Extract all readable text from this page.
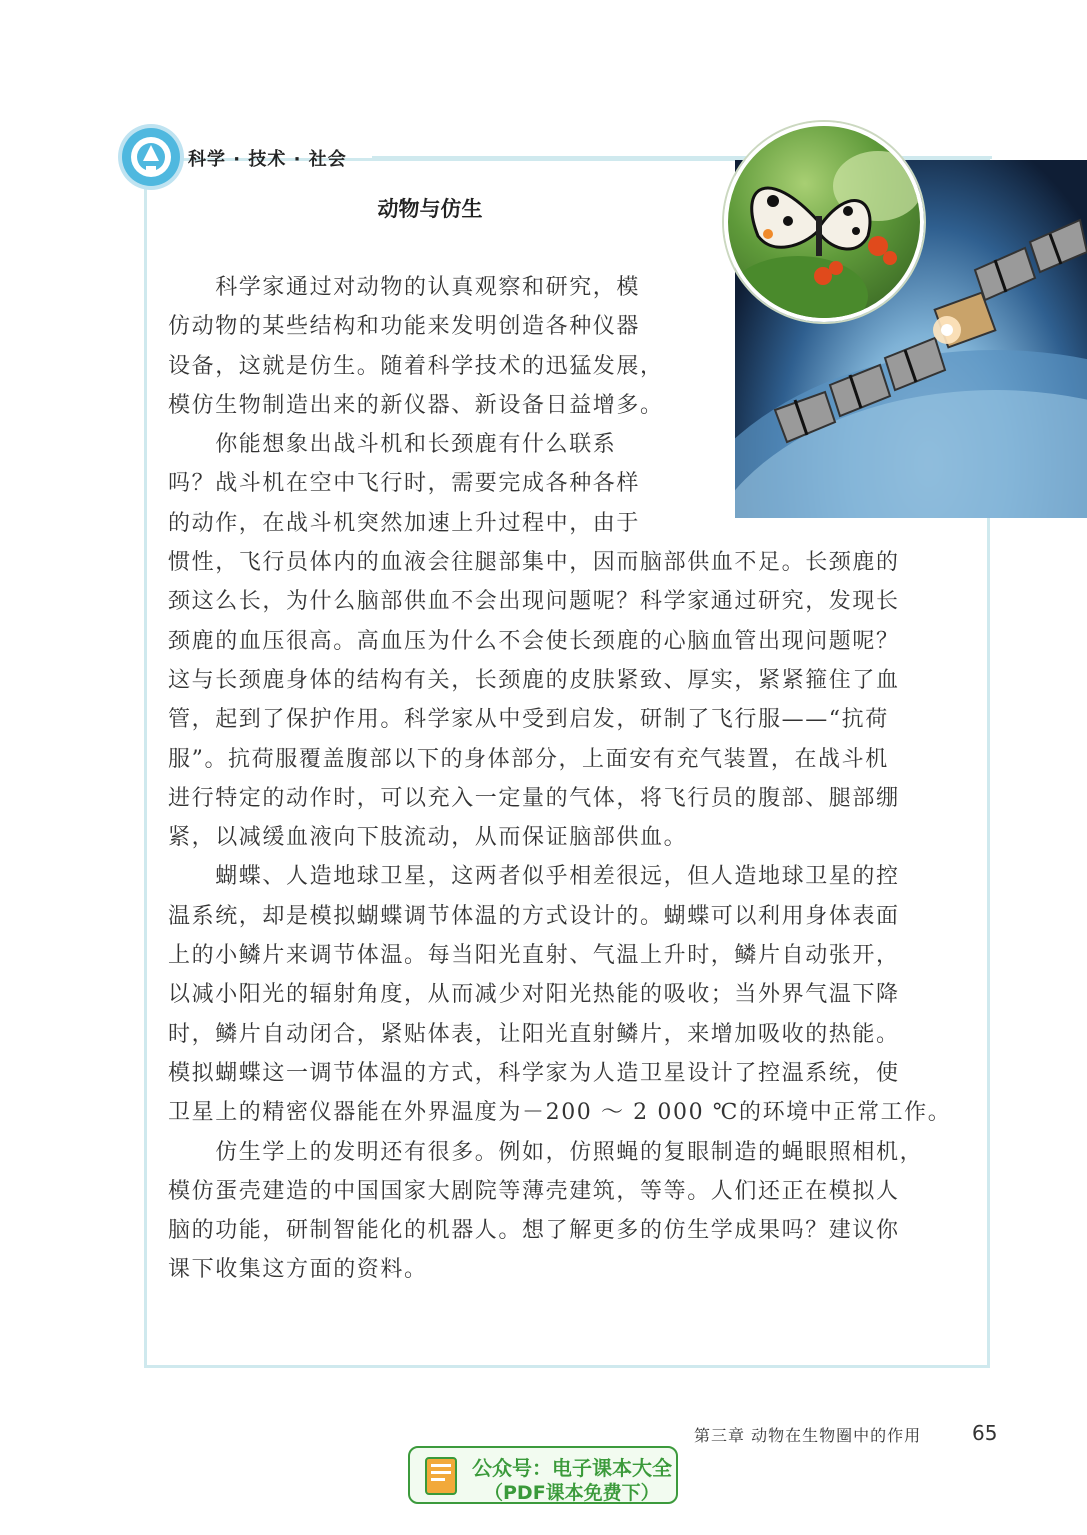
科学 · 技术 · 社会
动物与仿生
　　科学家通过对动物的认真观察和研究，模
仿动物的某些结构和功能来发明创造各种仪器
设备，这就是仿生。随着科学技术的迅猛发展，
模仿生物制造出来的新仪器、新设备日益增多。
　　你能想象出战斗机和长颈鹿有什么联系
吗？战斗机在空中飞行时，需要完成各种各样
的动作，在战斗机突然加速上升过程中，由于
惯性，飞行员体内的血液会往腿部集中，因而脑部供血不足。长颈鹿的
颈这么长，为什么脑部供血不会出现问题呢？科学家通过研究，发现长
颈鹿的血压很高。高血压为什么不会使长颈鹿的心脑血管出现问题呢？
这与长颈鹿身体的结构有关，长颈鹿的皮肤紧致、厚实，紧紧箍住了血
管，起到了保护作用。科学家从中受到启发，研制了飞行服——“抗荷
服”。抗荷服覆盖腹部以下的身体部分，上面安有充气装置，在战斗机
进行特定的动作时，可以充入一定量的气体，将飞行员的腹部、腿部绷
紧，以减缓血液向下肢流动，从而保证脑部供血。
　　蝴蝶、人造地球卫星，这两者似乎相差很远，但人造地球卫星的控
温系统，却是模拟蝴蝶调节体温的方式设计的。蝴蝶可以利用身体表面
上的小鳞片来调节体温。每当阳光直射、气温上升时，鳞片自动张开，
以减小阳光的辐射角度，从而减少对阳光热能的吸收；当外界气温下降
时，鳞片自动闭合，紧贴体表，让阳光直射鳞片，来增加吸收的热能。
模拟蝴蝶这一调节体温的方式，科学家为人造卫星设计了控温系统，使
卫星上的精密仪器能在外界温度为－200 ～ 2 000 ℃的环境中正常工作。
　　仿生学上的发明还有很多。例如，仿照蝇的复眼制造的蝇眼照相机，
模仿蛋壳建造的中国国家大剧院等薄壳建筑，等等。人们还正在模拟人
脑的功能，研制智能化的机器人。想了解更多的仿生学成果吗？建议你
课下收集这方面的资料。
第三章 动物在生物圈中的作用	65
公众号：电子课本大全
（PDF课本免费下）
